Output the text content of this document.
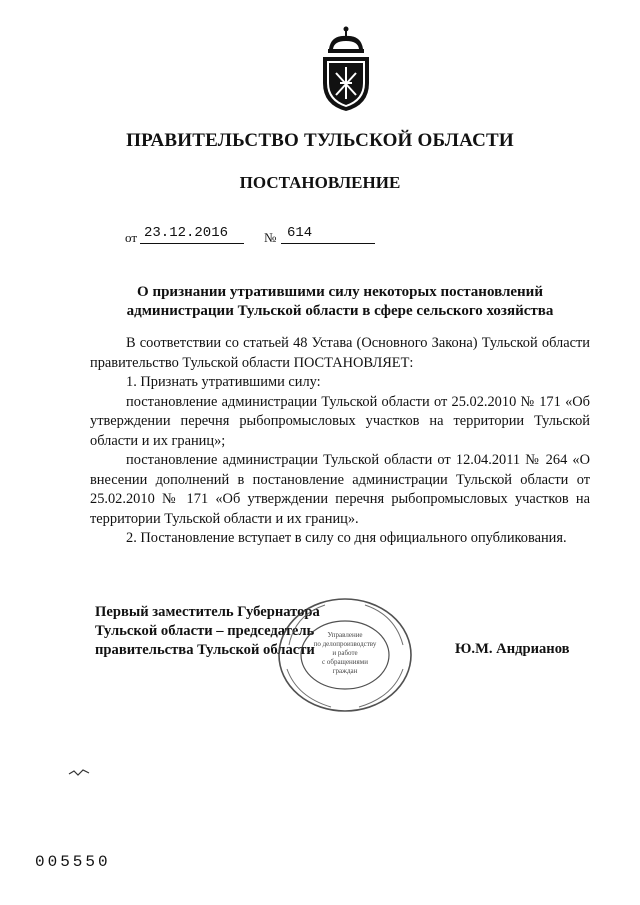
ПРАВИТЕЛЬСТВО ТУЛЬСКОЙ ОБЛАСТИ
ПОСТАНОВЛЕНИЕ
от 23.12.2016	№ 614
О признании утратившими силу некоторых постановлений администрации Тульской области в сфере сельского хозяйства

В соответствии со статьей 48 Устава (Основного Закона) Тульской области правительство Тульской области ПОСТАНОВЛЯЕТ:

1. Признать утратившими силу:

постановление администрации Тульской области от 25.02.2010 № 171 «Об утверждении перечня рыбопромысловых участков на территории Тульской области и их границ»;

постановление администрации Тульской области от 12.04.2011 № 264 «О внесении дополнений в постановление администрации Тульской области от 25.02.2010 № 171 «Об утверждении перечня рыбопромысловых участков на территории Тульской области и их границ».

2. Постановление вступает в силу со дня официального опубликования.

Первый заместитель Губернатора
Тульской области – председатель
правительства Тульской области	Ю.М. Андрианов
Управление
по делопроизводству
и работе
с обращениями
граждан
005550
